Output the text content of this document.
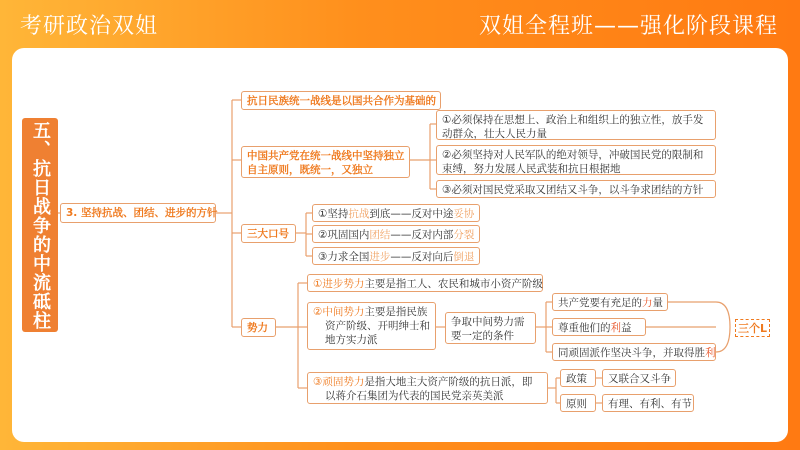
考研政治双姐	双姐全程班——强化阶段课程
五、抗日战争的中流砥柱	3. 坚持抗战、团结、进步的方针
抗日民族统一战线是以国共合作为基础的
中国共产党在统一战线中坚持独立
自主原则，既统一，又独立
①必须保持在思想上、政治上和组织上的独立性，放手发
动群众，壮大人民力量
②必须坚持对人民军队的绝对领导，冲破国民党的限制和
束缚，努力发展人民武装和抗日根据地
③必须对国民党采取又团结又斗争，以斗争求团结的方针
三大口号
①坚持抗战到底——反对中途妥协
②巩固国内团结——反对内部分裂
③力求全国进步——反对向后倒退
势力
①进步势力主要是指工人、农民和城市小资产阶级
②中间势力主要是指民族
资产阶级、开明绅士和
地方实力派
争取中间势力需
要一定的条件
共产党要有充足的力量
尊重他们的利益
同顽固派作坚决斗争，并取得胜利
三个L
③顽固势力是指大地主大资产阶级的抗日派，即
以蒋介石集团为代表的国民党亲英美派
政策	又联合又斗争
原则	有理、有利、有节
